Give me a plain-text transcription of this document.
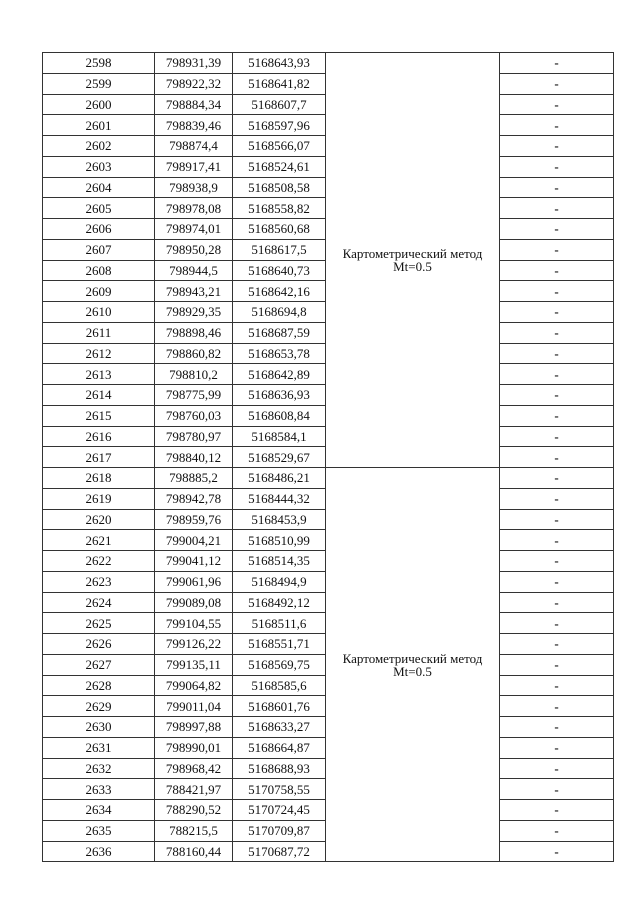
2598	798931,39	5168643,93	Картометрический метод
Mt=0.5	-
2599	798922,32	5168641,82		-
2600	798884,34	5168607,7		-
2601	798839,46	5168597,96		-
2602	798874,4	5168566,07		-
2603	798917,41	5168524,61		-
2604	798938,9	5168508,58		-
2605	798978,08	5168558,82		-
2606	798974,01	5168560,68		-
2607	798950,28	5168617,5		-
2608	798944,5	5168640,73		-
2609	798943,21	5168642,16		-
2610	798929,35	5168694,8		-
2611	798898,46	5168687,59		-
2612	798860,82	5168653,78		-
2613	798810,2	5168642,89		-
2614	798775,99	5168636,93		-
2615	798760,03	5168608,84		-
2616	798780,97	5168584,1		-
2617	798840,12	5168529,67		-
2618	798885,2	5168486,21	Картометрический метод
Mt=0.5	-
2619	798942,78	5168444,32		-
2620	798959,76	5168453,9		-
2621	799004,21	5168510,99		-
2622	799041,12	5168514,35		-
2623	799061,96	5168494,9		-
2624	799089,08	5168492,12		-
2625	799104,55	5168511,6		-
2626	799126,22	5168551,71		-
2627	799135,11	5168569,75		-
2628	799064,82	5168585,6		-
2629	799011,04	5168601,76		-
2630	798997,88	5168633,27		-
2631	798990,01	5168664,87		-
2632	798968,42	5168688,93		-
2633	788421,97	5170758,55		-
2634	788290,52	5170724,45		-
2635	788215,5	5170709,87		-
2636	788160,44	5170687,72		-
